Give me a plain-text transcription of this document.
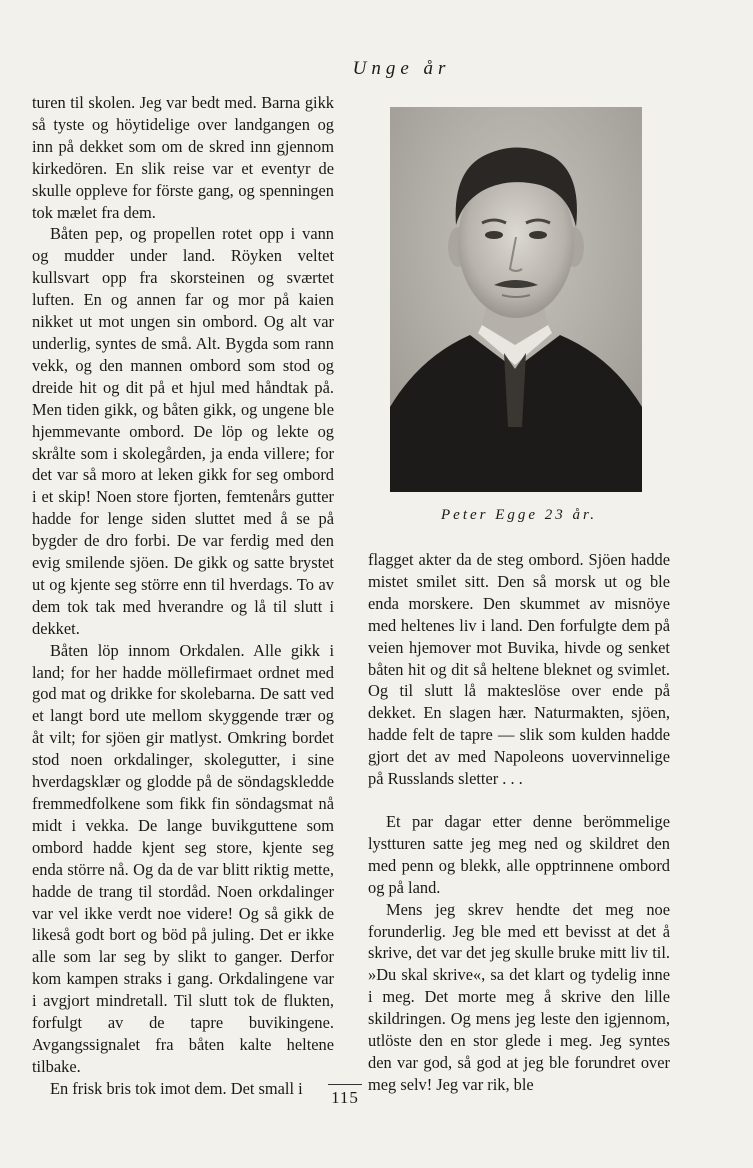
Unge år

turen til skolen. Jeg var bedt med. Barna gikk så tyste og höytidelige over landgangen og inn på dekket som om de skred inn gjennom kirkedören. En slik reise var et eventyr de skulle oppleve for förste gang, og spenningen tok mælet fra dem.

Båten pep, og propellen rotet opp i vann og mudder under land. Röyken veltet kullsvart opp fra skorsteinen og sværtet luften. En og annen far og mor på kaien nikket ut mot ungen sin ombord. Og alt var underlig, syntes de små. Alt. Bygda som rann vekk, og den mannen ombord som stod og dreide hit og dit på et hjul med håndtak på. Men tiden gikk, og båten gikk, og ungene ble hjemmevante ombord. De löp og lekte og skrålte som i skolegården, ja enda villere; for det var så moro at leken gikk for seg ombord i et skip! Noen store fjorten, femtenårs gutter hadde for lenge siden sluttet med å se på bygder de dro forbi. De var ferdig med den evig smilende sjöen. De gikk og satte brystet ut og kjente seg större enn til hverdags. To av dem tok tak med hverandre og lå til slutt i dekket.

Båten löp innom Orkdalen. Alle gikk i land; for her hadde möllefirmaet ordnet med god mat og drikke for skolebarna. De satt ved et langt bord ute mellom skyggende trær og åt vilt; for sjöen gir matlyst. Omkring bordet stod noen orkdalinger, skolegutter, i sine hverdagsklær og glodde på de söndagskledde fremmedfolkene som fikk fin söndagsmat nå midt i vekka. De lange buvikguttene som ombord hadde kjent seg store, kjente seg enda större nå. Og da de var blitt riktig mette, hadde de trang til stordåd. Noen orkdalinger var vel ikke verdt noe videre! Og så gikk de likeså godt bort og böd på juling. Det er ikke alle som lar seg by slikt to ganger. Derfor kom kampen straks i gang. Orkdalingene var i avgjort mindretall. Til slutt tok de flukten, forfulgt av de tapre buvikingene. Avgangssignalet fra båten kalte heltene tilbake.

En frisk bris tok imot dem. Det small i

Peter Egge 23 år.

flagget akter da de steg ombord. Sjöen hadde mistet smilet sitt. Den så morsk ut og ble enda morskere. Den skummet av misnöye med heltenes liv i land. Den forfulgte dem på veien hjemover mot Buvika, hivde og senket båten hit og dit så heltene bleknet og svimlet. Og til slutt lå makteslöse over ende på dekket. En slagen hær. Naturmakten, sjöen, hadde felt de tapre — slik som kulden hadde gjort det av med Napoleons uovervinnelige på Russlands sletter . . .

Et par dagar etter denne berömmelige lystturen satte jeg meg ned og skildret den med penn og blekk, alle opptrinnene ombord og på land.

Mens jeg skrev hendte det meg noe forunderlig. Jeg ble med ett bevisst at det å skrive, det var det jeg skulle bruke mitt liv til. »Du skal skrive«, sa det klart og tydelig inne i meg. Det morte meg å skrive den lille skildringen. Og mens jeg leste den igjennom, utlöste den en stor glede i meg. Jeg syntes den var god, så god at jeg ble forundret over meg selv! Jeg var rik, ble

115
